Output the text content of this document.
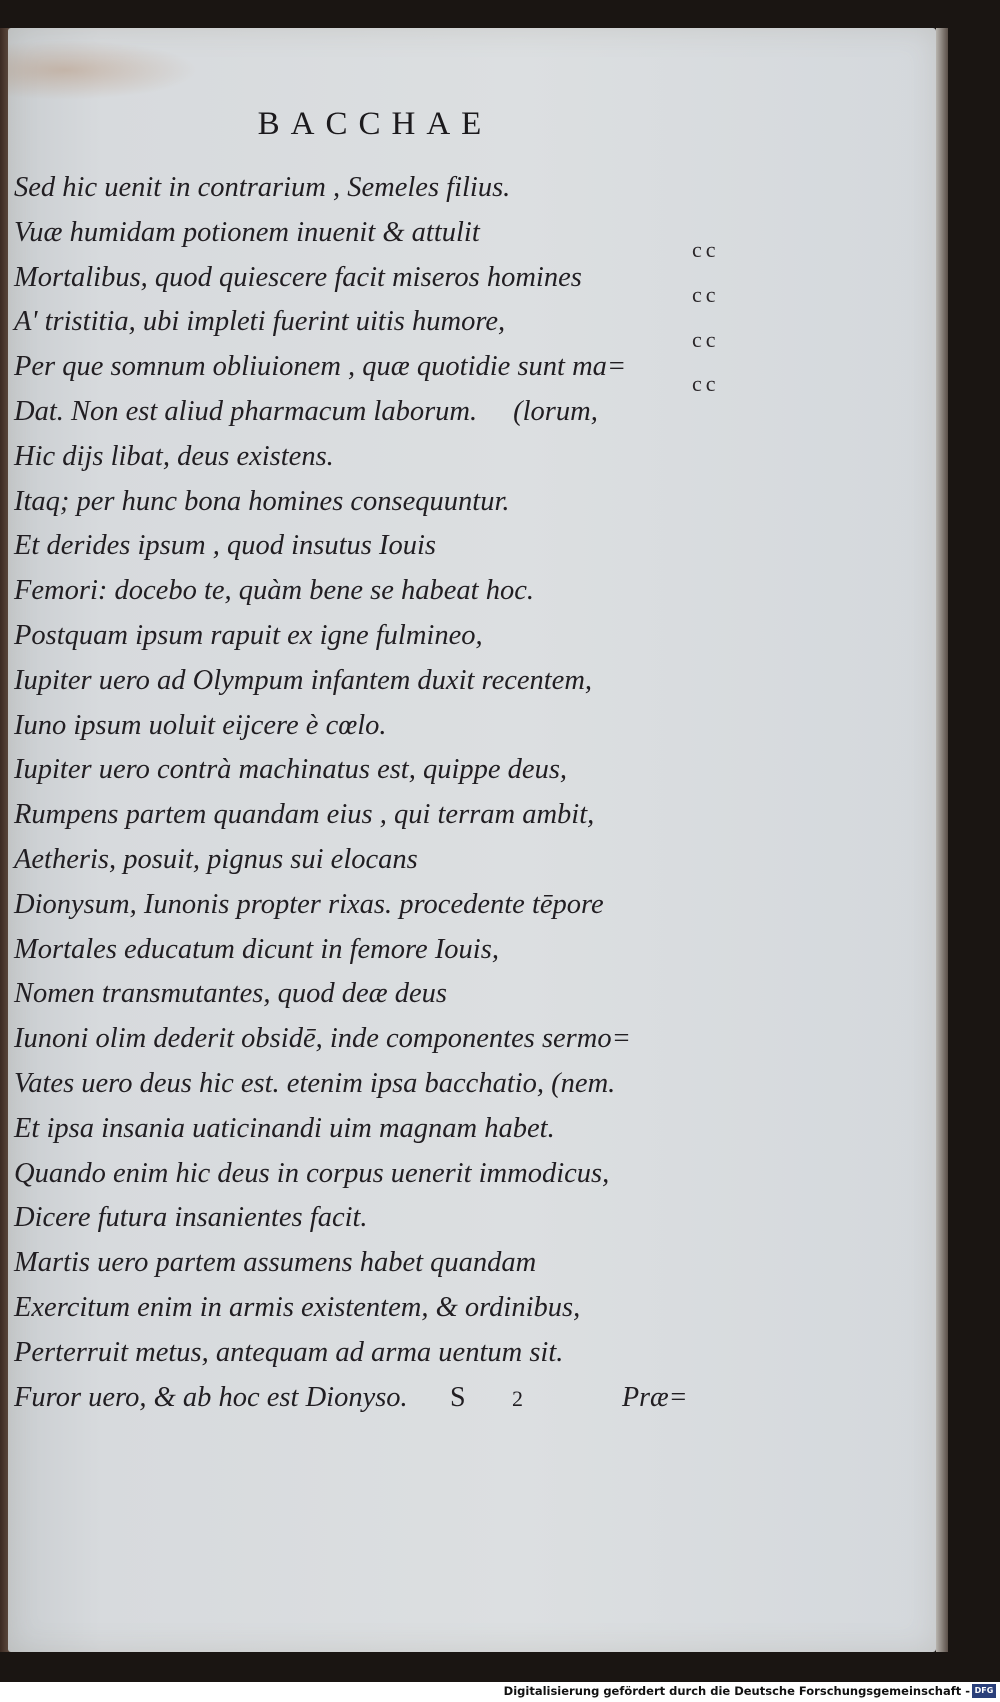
BACCHAE
Sed hic uenit in contrarium , Semeles filius.
Vuæ humidam potionem inuenit & attulit
Mortalibus, quod quiescere facit miseros homines
A' tristitia, ubi impleti fuerint uitis humore,
Per que somnum obliuionem , quæ quotidie sunt ma=
Dat. Non est aliud pharmacum laborum. (lorum,
Hic dijs libat, deus existens.
Itaq; per hunc bona homines consequuntur.
Et derides ipsum , quod insutus Iouis
Femori: docebo te, quàm bene se habeat hoc.
Postquam ipsum rapuit ex igne fulmineo,
Iupiter uero ad Olympum infantem duxit recentem,
Iuno ipsum uoluit eijcere è cœlo.
Iupiter uero contrà machinatus est, quippe deus,
Rumpens partem quandam eius , qui terram ambit,
Aetheris, posuit, pignus sui elocans
Dionysum, Iunonis propter rixas. procedente tēpore
Mortales educatum dicunt in femore Iouis,
Nomen transmutantes, quod deæ deus
Iunoni olim dederit obsidē, inde componentes sermo=
Vates uero deus hic est. etenim ipsa bacchatio, (nem.
Et ipsa insania uaticinandi uim magnam habet.
Quando enim hic deus in corpus uenerit immodicus,
Dicere futura insanientes facit.
Martis uero partem assumens habet quandam
Exercitum enim in armis existentem, & ordinibus,
Perterruit metus, antequam ad arma uentum sit.
Furor uero, & ab hoc est Dionyso.
cc
cc
cc
cc
S 2	Præ=
Digitalisierung gefördert durch die Deutsche Forschungsgemeinschaft - DFG
